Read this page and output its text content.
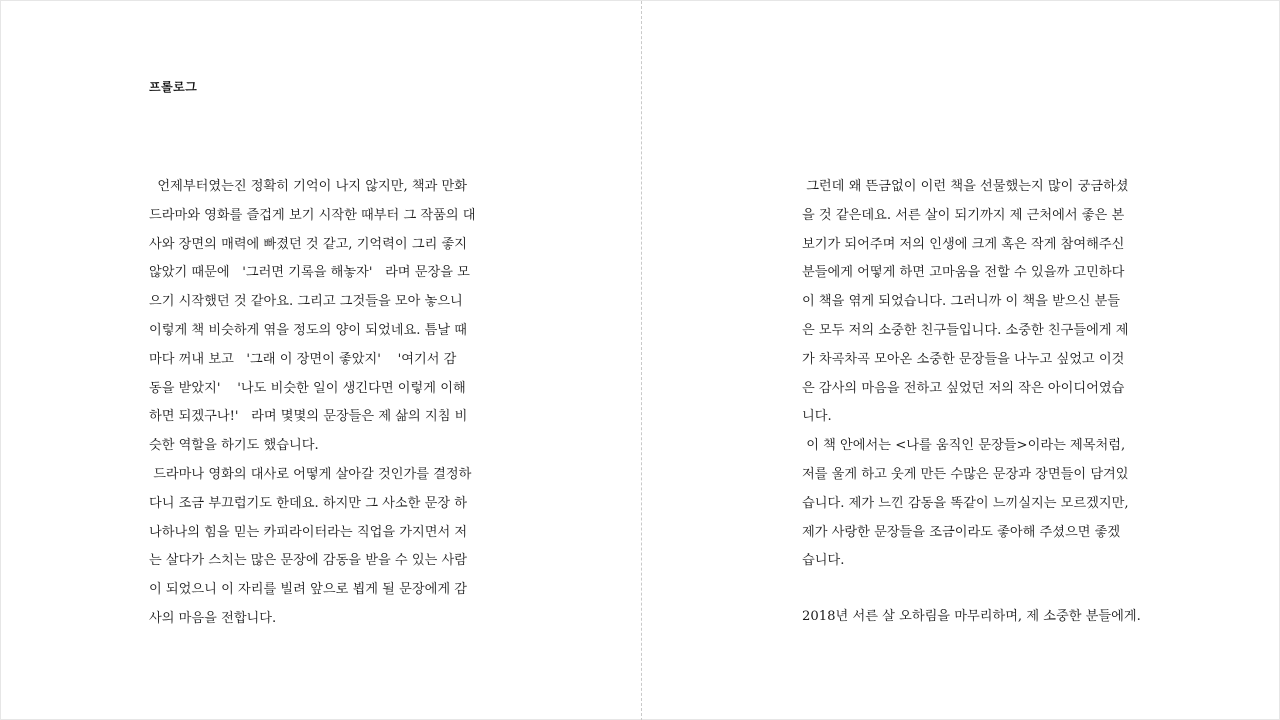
프롤로그
언제부터였는진 정확히 기억이 나지 않지만, 책과 만화
드라마와 영화를 즐겁게 보기 시작한 때부터 그 작품의 대
사와 장면의 매력에 빠졌던 것 같고, 기억력이 그리 좋지
않았기 때문에   '그러면 기록을 해놓자'   라며 문장을 모
으기 시작했던 것 같아요. 그리고 그것들을 모아 놓으니
이렇게 책 비슷하게 엮을 정도의 양이 되었네요. 틈날 때
마다 꺼내 보고   '그래 이 장면이 좋았지'    '여기서 감
동을 받았지'    '나도 비슷한 일이 생긴다면 이렇게 이해
하면 되겠구나!'   라며 몇몇의 문장들은 제 삶의 지침 비
슷한 역할을 하기도 했습니다.
드라마나 영화의 대사로 어떻게 살아갈 것인가를 결정하
다니 조금 부끄럽기도 한데요. 하지만 그 사소한 문장 하
나하나의 힘을 믿는 카피라이터라는 직업을 가지면서 저
는 살다가 스치는 많은 문장에 감동을 받을 수 있는 사람
이 되었으니 이 자리를 빌려 앞으로 뵙게 될 문장에게 감
사의 마음을 전합니다.
그런데 왜 뜬금없이 이런 책을 선물했는지 많이 궁금하셨
을 것 같은데요. 서른 살이 되기까지 제 근처에서 좋은 본
보기가 되어주며 저의 인생에 크게 혹은 작게 참여해주신
분들에게 어떻게 하면 고마움을 전할 수 있을까 고민하다
이 책을 엮게 되었습니다. 그러니까 이 책을 받으신 분들
은 모두 저의 소중한 친구들입니다. 소중한 친구들에게 제
가 차곡차곡 모아온 소중한 문장들을 나누고 싶었고 이것
은 감사의 마음을 전하고 싶었던 저의 작은 아이디어였습
니다.
이 책 안에서는 <나를 움직인 문장들>이라는 제목처럼,
저를 울게 하고 웃게 만든 수많은 문장과 장면들이 담겨있
습니다. 제가 느낀 감동을 똑같이 느끼실지는 모르겠지만,
제가 사랑한 문장들을 조금이라도 좋아해 주셨으면 좋겠
습니다.

2018년 서른 살 오하림을 마무리하며, 제 소중한 분들에게.
